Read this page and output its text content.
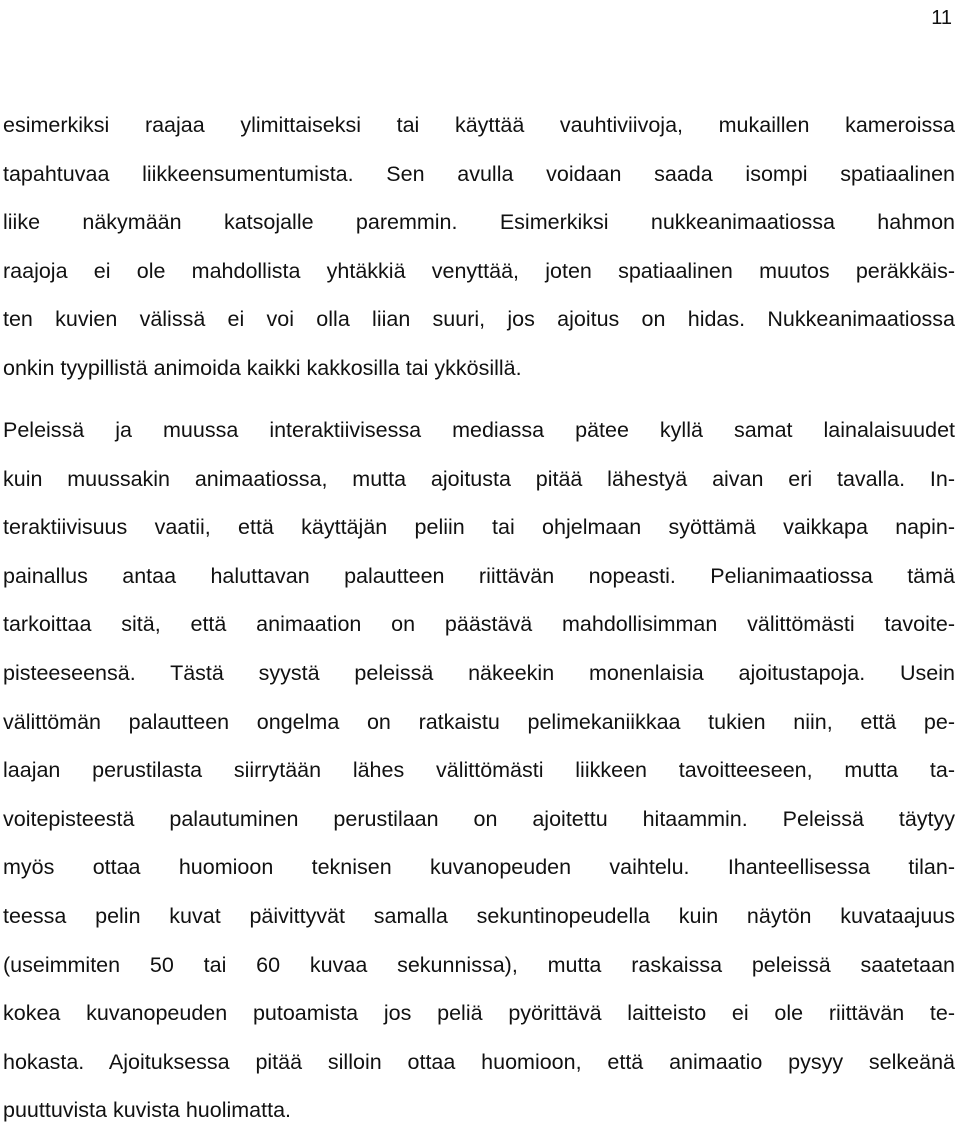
11
esimerkiksi raajaa ylimittaiseksi tai käyttää vauhtiviivoja, mukaillen kameroissa
tapahtuvaa liikkeensumentumista. Sen avulla voidaan saada isompi spatiaalinen
liike näkymään katsojalle paremmin. Esimerkiksi nukkeanimaatiossa hahmon
raajoja ei ole mahdollista yhtäkkiä venyttää, joten spatiaalinen muutos peräkkäis-
ten kuvien välissä ei voi olla liian suuri, jos ajoitus on hidas. Nukkeanimaatiossa
onkin tyypillistä animoida kaikki kakkosilla tai ykkösillä.
Peleissä ja muussa interaktiivisessa mediassa pätee kyllä samat lainalaisuudet
kuin muussakin animaatiossa, mutta ajoitusta pitää lähestyä aivan eri tavalla. In-
teraktiivisuus vaatii, että käyttäjän peliin tai ohjelmaan syöttämä vaikkapa napin-
painallus antaa haluttavan palautteen riittävän nopeasti. Pelianimaatiossa tämä
tarkoittaa sitä, että animaation on päästävä mahdollisimman välittömästi tavoite-
pisteeseensä. Tästä syystä peleissä näkeekin monenlaisia ajoitustapoja. Usein
välittömän palautteen ongelma on ratkaistu pelimekaniikkaa tukien niin, että pe-
laajan perustilasta siirrytään lähes välittömästi liikkeen tavoitteeseen, mutta ta-
voitepisteestä palautuminen perustilaan on ajoitettu hitaammin. Peleissä täytyy
myös ottaa huomioon teknisen kuvanopeuden vaihtelu. Ihanteellisessa tilan-
teessa pelin kuvat päivittyvät samalla sekuntinopeudella kuin näytön kuvataajuus
(useimmiten 50 tai 60 kuvaa sekunnissa), mutta raskaissa peleissä saatetaan
kokea kuvanopeuden putoamista jos peliä pyörittävä laitteisto ei ole riittävän te-
hokasta. Ajoituksessa pitää silloin ottaa huomioon, että animaatio pysyy selkeänä
puuttuvista kuvista huolimatta.
